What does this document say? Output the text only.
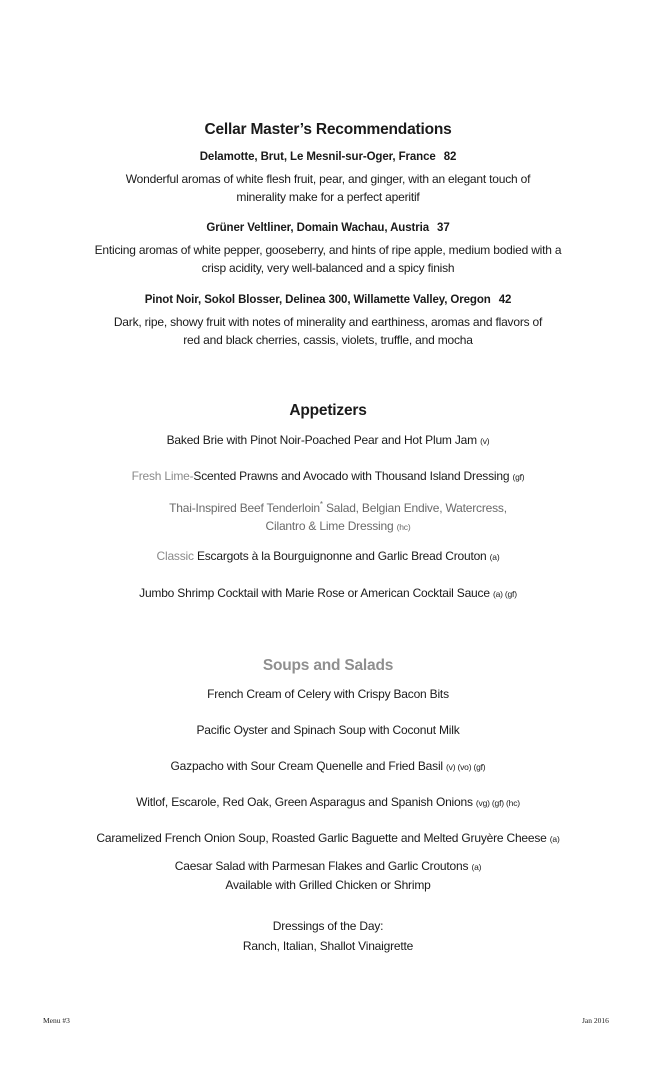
Cellar Master’s Recommendations
Delamotte, Brut, Le Mesnil-sur-Oger, France 82
Wonderful aromas of white flesh fruit, pear, and ginger, with an elegant touch of
minerality make for a perfect aperitif
Grüner Veltliner, Domain Wachau, Austria 37
Enticing aromas of white pepper, gooseberry, and hints of ripe apple, medium bodied with a
crisp acidity, very well-balanced and a spicy finish
Pinot Noir, Sokol Blosser, Delinea 300, Willamette Valley, Oregon 42
Dark, ripe, showy fruit with notes of minerality and earthiness, aromas and flavors of
red and black cherries, cassis, violets, truffle, and mocha
Appetizers
Baked Brie with Pinot Noir-Poached Pear and Hot Plum Jam (v)
Fresh Lime-Scented Prawns and Avocado with Thousand Island Dressing (gf)
Thai-Inspired Beef Tenderloin* Salad, Belgian Endive, Watercress,
Cilantro & Lime Dressing (hc)
Classic Escargots à la Bourguignonne and Garlic Bread Crouton (a)
Jumbo Shrimp Cocktail with Marie Rose or American Cocktail Sauce (a) (gf)
Soups and Salads
French Cream of Celery with Crispy Bacon Bits
Pacific Oyster and Spinach Soup with Coconut Milk
Gazpacho with Sour Cream Quenelle and Fried Basil (v) (vo) (gf)
Witlof, Escarole, Red Oak, Green Asparagus and Spanish Onions (vg) (gf) (hc)
Caramelized French Onion Soup, Roasted Garlic Baguette and Melted Gruyère Cheese (a)
Caesar Salad with Parmesan Flakes and Garlic Croutons (a)
Available with Grilled Chicken or Shrimp
Dressings of the Day:
Ranch, Italian, Shallot Vinaigrette
Menu #3	Jan 2016
